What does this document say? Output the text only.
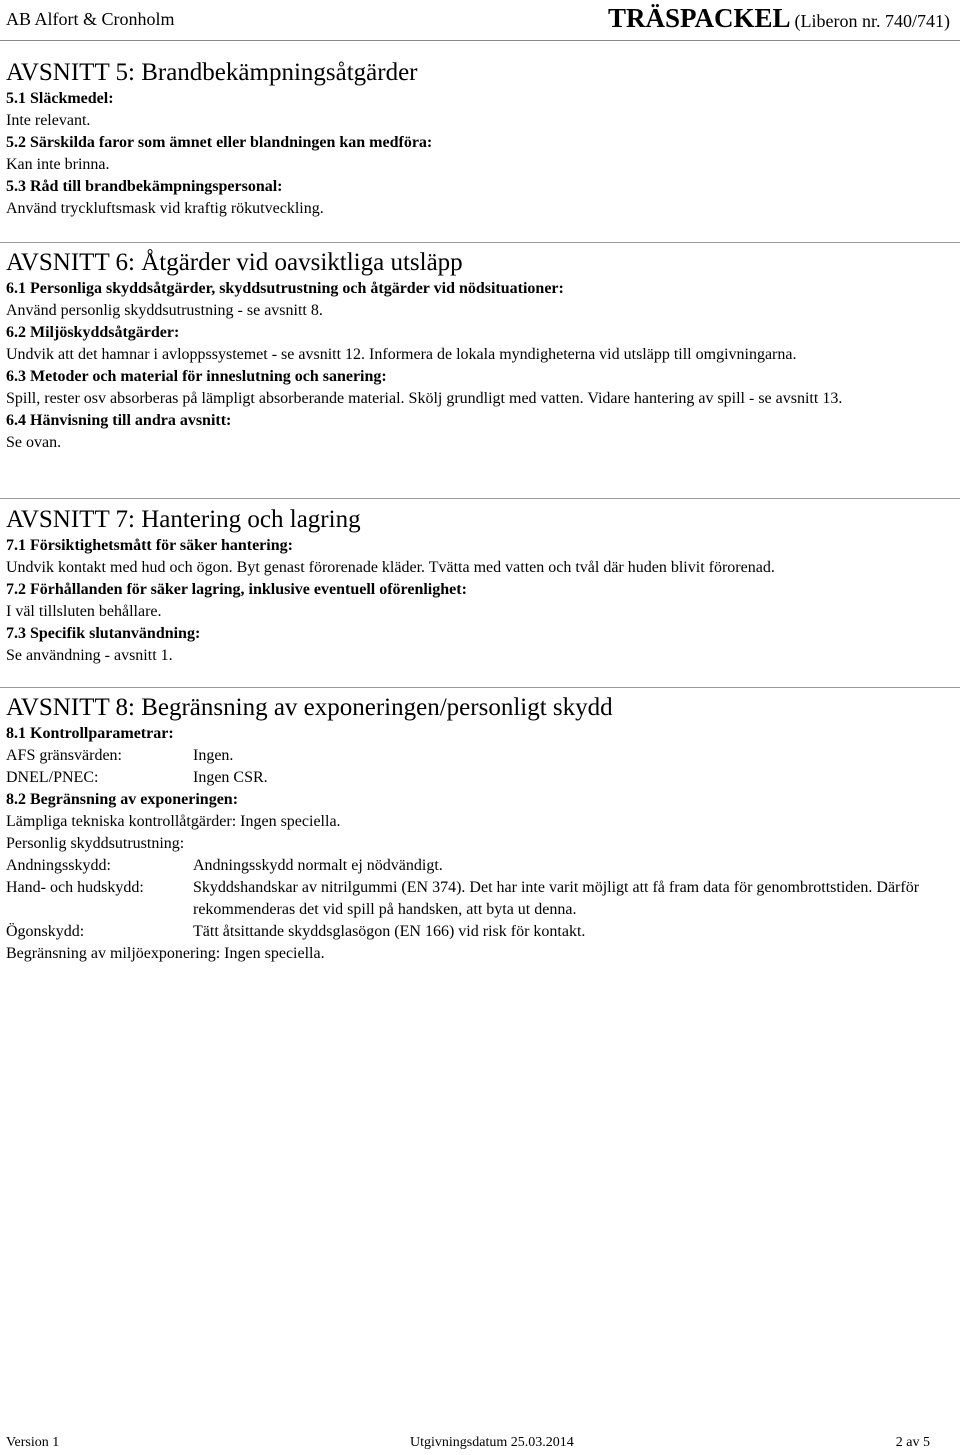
AB Alfort & Cronholm	TRÄSPACKEL (Liberon nr. 740/741)
AVSNITT 5: Brandbekämpningsåtgärder
5.1 Släckmedel:
Inte relevant.
5.2 Särskilda faror som ämnet eller blandningen kan medföra:
Kan inte brinna.
5.3 Råd till brandbekämpningspersonal:
Använd tryckluftsmask vid kraftig rökutveckling.
AVSNITT 6: Åtgärder vid oavsiktliga utsläpp
6.1 Personliga skyddsåtgärder, skyddsutrustning och åtgärder vid nödsituationer:
Använd personlig skyddsutrustning - se avsnitt 8.
6.2 Miljöskyddsåtgärder:
Undvik att det hamnar i avloppssystemet - se avsnitt 12. Informera de lokala myndigheterna vid utsläpp till omgivningarna.
6.3 Metoder och material för inneslutning och sanering:
Spill, rester osv absorberas på lämpligt absorberande material. Skölj grundligt med vatten. Vidare hantering av spill - se avsnitt 13.
6.4 Hänvisning till andra avsnitt:
Se ovan.
AVSNITT 7: Hantering och lagring
7.1 Försiktighetsmått för säker hantering:
Undvik kontakt med hud och ögon. Byt genast förorenade kläder. Tvätta med vatten och tvål där huden blivit förorenad.
7.2 Förhållanden för säker lagring, inklusive eventuell oförenlighet:
I väl tillsluten behållare.
7.3 Specifik slutanvändning:
Se användning - avsnitt 1.
AVSNITT 8: Begränsning av exponeringen/personligt skydd
8.1 Kontrollparametrar:
AFS gränsvärden:	Ingen.
DNEL/PNEC:	Ingen CSR.
8.2 Begränsning av exponeringen:
Lämpliga tekniska kontrollåtgärder: Ingen speciella.
Personlig skyddsutrustning:
Andningsskydd:	Andningsskydd normalt ej nödvändigt.
Hand- och hudskydd:	Skyddshandskar av nitrilgummi (EN 374). Det har inte varit möjligt att få fram data för genombrottstiden. Därför rekommenderas det vid spill på handsken, att byta ut denna.
Ögonskydd:	Tätt åtsittande skyddsglasögon (EN 166) vid risk för kontakt.
Begränsning av miljöexponering: Ingen speciella.
Version 1	Utgivningsdatum 25.03.2014	2 av 5
